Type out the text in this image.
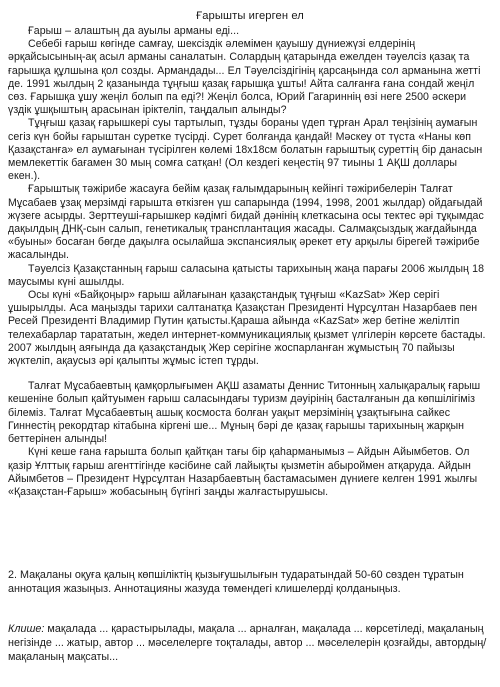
Ғарышты игерген ел

Ғарыш – алаштың да ауылы арманы еді...

Себебі ғарыш көгінде самғау, шексіздік әлемімен қауышу дүниежүзі елдерінің әрқайсысының-ақ асыл арманы саналатын. Солардың қатарында ежелден тәуелсіз қазақ та ғарышқа құлшына қол созды. Армандады... Ел Тәуелсіздігінің қарсаңында сол арманына жетті де. 1991 жылдың 2 қазанында тұңғыш қазақ ғарышқа ұшты! Айта салғанға ғана сондай жеңіл сөз. Ғарышқа ұшу жеңіл болып па еді?! Жеңіл болса, Юрий Гагариннің өзі неге 2500 әскери үздік ұшқыштың арасынан іріктеліп, таңдалып алынды?

Тұңғыш қазақ ғарышкері суы тартылып, тұзды бораны үдеп тұрған Арал теңізінің аумағын сегіз күн бойы ғарыштан суретке түсірді. Сурет болғанда қандай! Мәскеу от түста «Наны көп Қазақстанға» ел аумағынан түсірілген көлемі 18х18см болатын ғарыштық суреттің бір данасын мемлекеттік бағамен 30 мың сомға сатқан! (Ол кездегі кеңестің 97 тиыны 1 АҚШ доллары екен.).

Ғарыштық тәжірибе жасауға бейім қазақ ғалымдарының кейінгі тәжірибелерін Талғат Мұсабаев ұзақ мерзімді ғарышта өткізген үш сапарында (1994, 1998, 2001 жылдар) ойдағыдай жүзеге асырды. Зерттеуші-ғарышкер кәдімгі бидай дәнінің клеткасына осы тектес әрі тұқымдас дақылдың ДНҚ-сын салып, генетикалық трансплантация жасады. Салмақсыздық жағдайында «буыны» босаған бөгде дақылға осылайша экспансиялық әрекет ету арқылы бірегей тәжірибе жасалынды.

Тәуелсіз Қазақстанның ғарыш саласына қатысты тарихының жаңа парағы 2006 жылдың 18 маусымы күні ашылды.

Осы күні «Байқоңыр» ғарыш айлағынан қазақстандық тұңғыш «KazSat» Жер серігі ұшырылды. Аса маңызды тарихи салтанатқа Қазақстан Президенті Нұрсұлтан Назарбаев пен Ресей Президенті Владимир Путин қатысты.Қараша айында «KazSat» жер бетіне желілтіп телехабарлар тарататын, жедел интернет-коммуникациялық қызмет үлгілерін көрсете бастады. 2007 жылдың аяғында да қазақстандық Жер серігіне жоспарланған жұмыстың 70 пайызы жүктеліп, ақаусыз әрі қалыпты жұмыс істеп тұрды.

Талғат Мұсабаевтың қамқорлығымен АҚШ азаматы Деннис Титонның халықаралық ғарыш кешеніне болып қайтуымен ғарыш саласындағы туризм дәуірінің басталғанын да көпшілігіміз білеміз. Талғат Мұсабаевтың ашық космоста болған уақыт мерзімінің ұзақтығына сайкес Гиннестің рекордтар кітабына кіргені ше... Мұның бәрі де қазақ ғарышы тарихының жарқын беттерінен алынды!

Күні кеше ғана ғарышта болып қайтқан тағы бір қаһарманымыз – Айдын Айымбетов. Ол қазір Ұлттық ғарыш агенттігінде кәсібине сай лайықты қызметін абыроймен атқаруда. Айдын Айымбетов – Президент Нұрсұлтан Назарбаевтың бастамасымен дүниеге келген 1991 жылғы «Қазақстан-Ғарыш» жобасының бүгінгі заңды жалғастырушысы.

2. Мақаланы оқуға қалың көпшіліктің қызығушылығын тударатындай 50-60 сөзден тұратын аннотация жазыңыз. Аннотацияны жазуда төмендегі клишелерді қолданыңыз.

Клише: мақалада ... қарастырылады, мақала ... арналған, мақалада ... көрсетіледі, мақаланың негізінде ... жатыр, автор ... мәселелерге тоқталады, автор ... мәселелерін қозғайды, автордың/мақаланың мақсаты...
